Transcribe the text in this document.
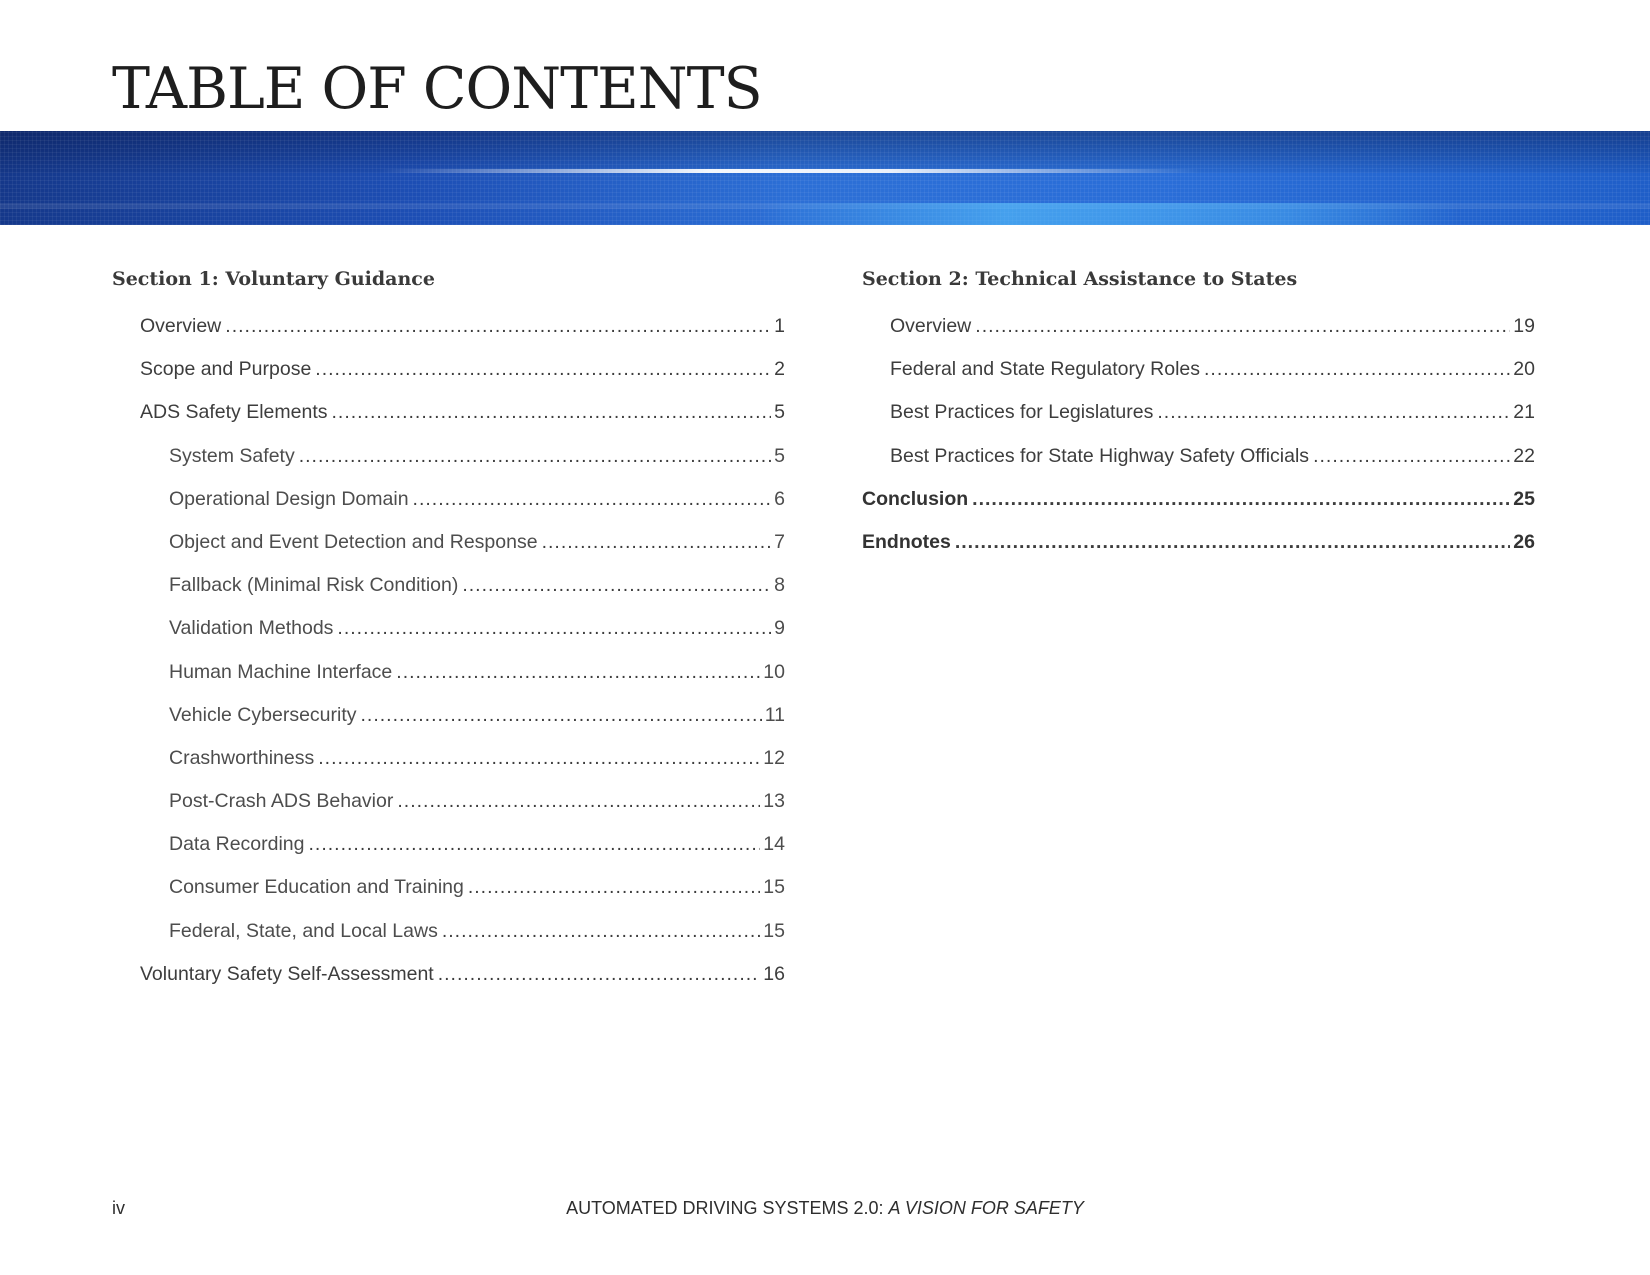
TABLE OF CONTENTS
Section 1: Voluntary Guidance
Overview .....	1
Scope and Purpose .....	2
ADS Safety Elements .....	5
System Safety .....	5
Operational Design Domain .....	6
Object and Event Detection and Response .....	7
Fallback (Minimal Risk Condition) .....	8
Validation Methods .....	9
Human Machine Interface .....	10
Vehicle Cybersecurity .....	11
Crashworthiness .....	12
Post-Crash ADS Behavior .....	13
Data Recording .....	14
Consumer Education and Training .....	15
Federal, State, and Local Laws .....	15
Voluntary Safety Self-Assessment .....	16
Section 2: Technical Assistance to States
Overview .....	19
Federal and State Regulatory Roles .....	20
Best Practices for Legislatures .....	21
Best Practices for State Highway Safety Officials .....	22
Conclusion .....	25
Endnotes .....	26
iv	AUTOMATED DRIVING SYSTEMS 2.0: A VISION FOR SAFETY
